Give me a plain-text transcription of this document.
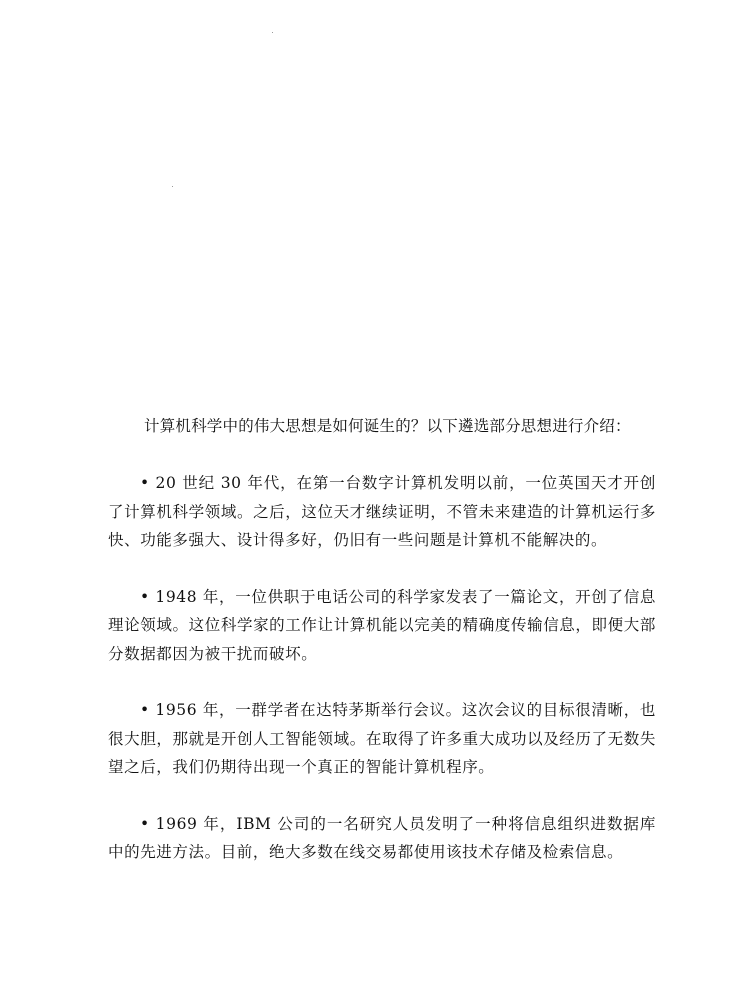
计算机科学中的伟大思想是如何诞生的？以下遴选部分思想进行介绍：

• 20 世纪 30 年代，在第一台数字计算机发明以前，一位英国天才开创了计算机科学领域。之后，这位天才继续证明，不管未来建造的计算机运行多快、功能多强大、设计得多好，仍旧有一些问题是计算机不能解决的。

• 1948 年，一位供职于电话公司的科学家发表了一篇论文，开创了信息理论领域。这位科学家的工作让计算机能以完美的精确度传输信息，即便大部分数据都因为被干扰而破坏。

• 1956 年，一群学者在达特茅斯举行会议。这次会议的目标很清晰，也很大胆，那就是开创人工智能领域。在取得了许多重大成功以及经历了无数失望之后，我们仍期待出现一个真正的智能计算机程序。

• 1969 年，IBM 公司的一名研究人员发明了一种将信息组织进数据库中的先进方法。目前，绝大多数在线交易都使用该技术存储及检索信息。
